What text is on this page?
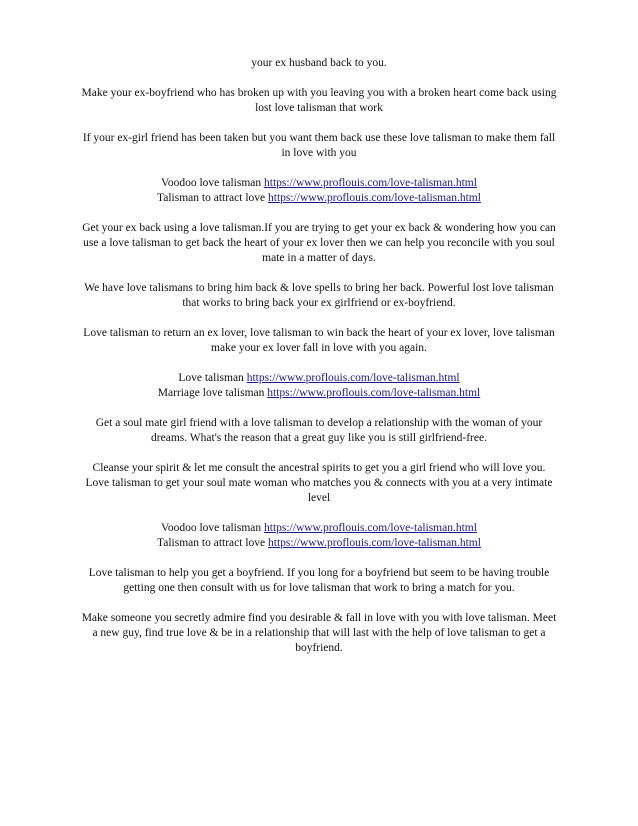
your ex husband back to you.
Make your ex-boyfriend who has broken up with you leaving you with a broken heart come back using
lost love talisman that work
If your ex-girl friend has been taken but you want them back use these love talisman to make them fall
in love with you
Voodoo love talisman https://www.proflouis.com/love-talisman.html
Talisman to attract love https://www.proflouis.com/love-talisman.html
Get your ex back using a love talisman.If you are trying to get your ex back & wondering how you can
use a love talisman to get back the heart of your ex lover then we can help you reconcile with you soul
mate in a matter of days.
We have love talismans to bring him back & love spells to bring her back. Powerful lost love talisman
that works to bring back your ex girlfriend or ex-boyfriend.
Love talisman to return an ex lover, love talisman to win back the heart of your ex lover, love talisman
make your ex lover fall in love with you again.
Love talisman https://www.proflouis.com/love-talisman.html
Marriage love talisman https://www.proflouis.com/love-talisman.html
Get a soul mate girl friend with a love talisman to develop a relationship with the woman of your
dreams. What's the reason that a great guy like you is still girlfriend-free.
Cleanse your spirit & let me consult the ancestral spirits to get you a girl friend who will love you.
Love talisman to get your soul mate woman who matches you & connects with you at a very intimate
level
Voodoo love talisman https://www.proflouis.com/love-talisman.html
Talisman to attract love https://www.proflouis.com/love-talisman.html
Love talisman to help you get a boyfriend. If you long for a boyfriend but seem to be having trouble
getting one then consult with us for love talisman that work to bring a match for you.
Make someone you secretly admire find you desirable & fall in love with you with love talisman. Meet
a new guy, find true love & be in a relationship that will last with the help of love talisman to get a
boyfriend.
